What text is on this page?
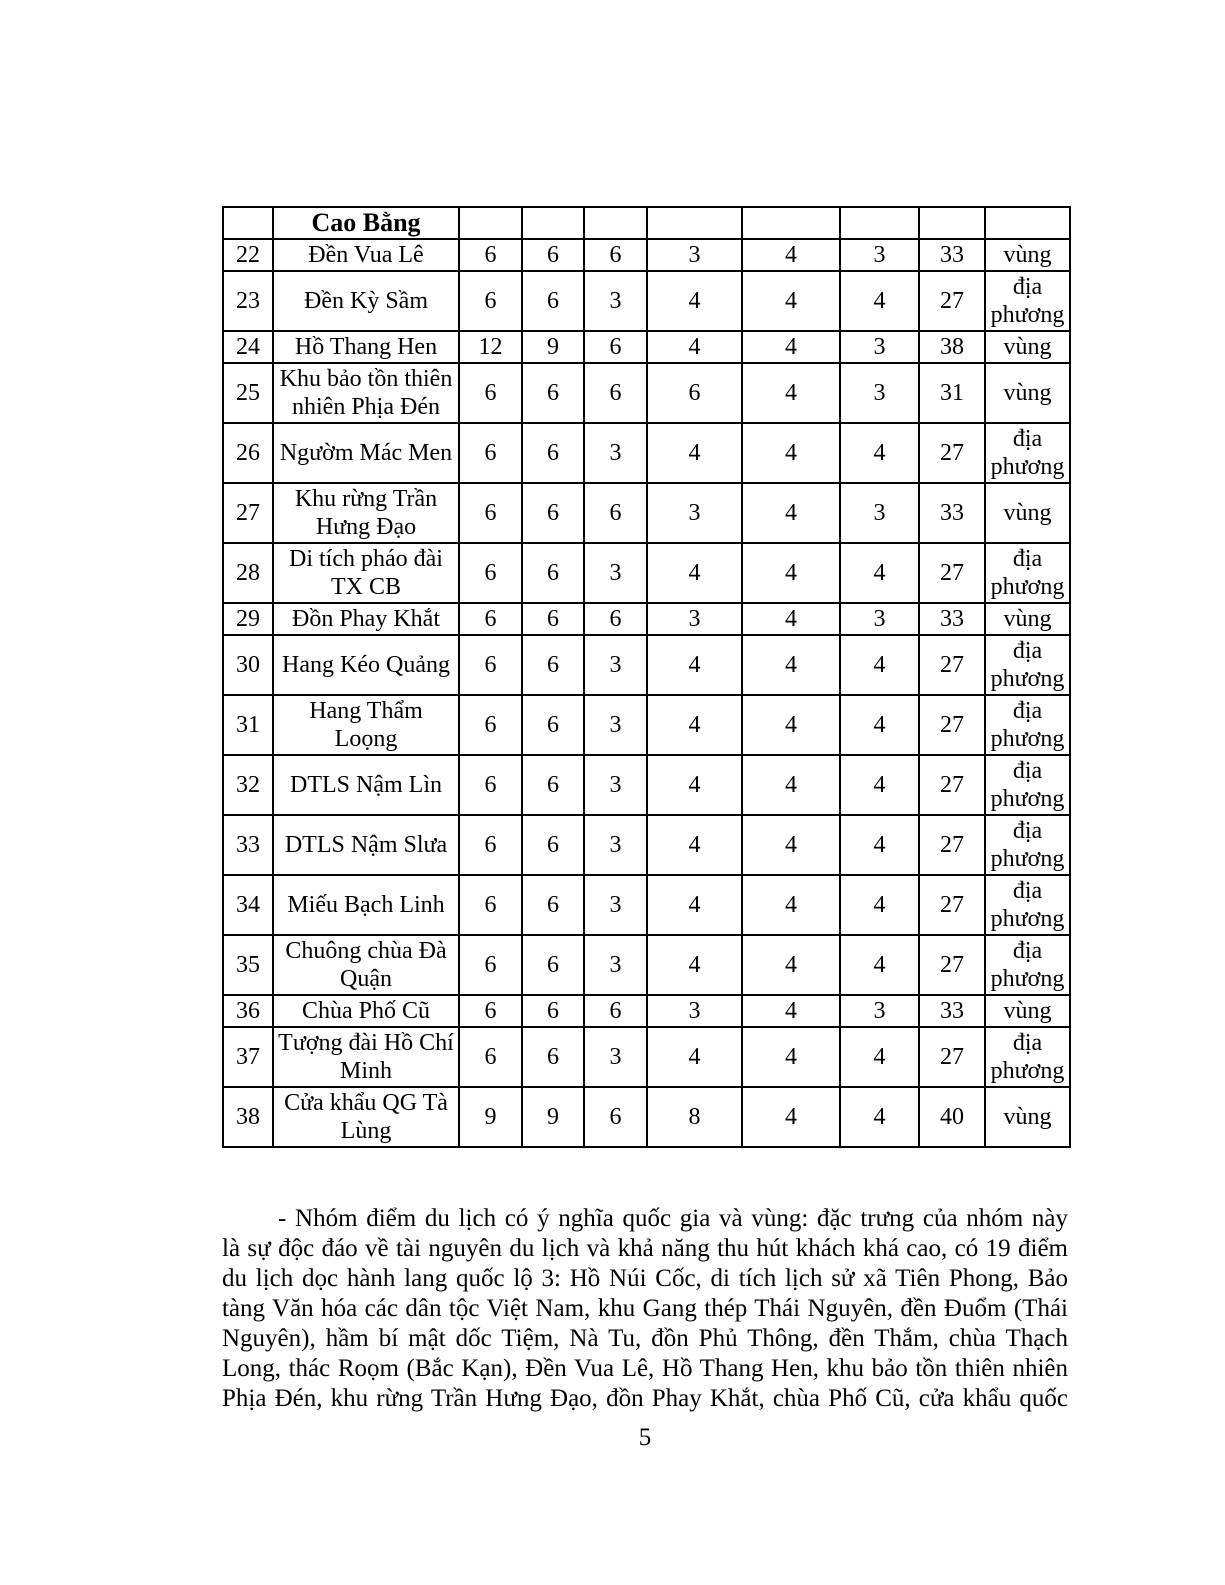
	Cao Bằng								
22	Đền Vua Lê	6	6	6	3	4	3	33	vùng
23	Đền Kỳ Sầm	6	6	3	4	4	4	27	địa phương
24	Hồ Thang Hen	12	9	6	4	4	3	38	vùng
25	Khu bảo tồn thiên nhiên Phịa Đén	6	6	6	6	4	3	31	vùng
26	Ngườm Mác Men	6	6	3	4	4	4	27	địa phương
27	Khu rừng Trần Hưng Đạo	6	6	6	3	4	3	33	vùng
28	Di tích pháo đài TX CB	6	6	3	4	4	4	27	địa phương
29	Đồn Phay Khắt	6	6	6	3	4	3	33	vùng
30	Hang Kéo Quảng	6	6	3	4	4	4	27	địa phương
31	Hang Thẩm Loọng	6	6	3	4	4	4	27	địa phương
32	DTLS Nậm Lìn	6	6	3	4	4	4	27	địa phương
33	DTLS Nậm Slưa	6	6	3	4	4	4	27	địa phương
34	Miếu Bạch Linh	6	6	3	4	4	4	27	địa phương
35	Chuông chùa Đà Quận	6	6	3	4	4	4	27	địa phương
36	Chùa Phố Cũ	6	6	6	3	4	3	33	vùng
37	Tượng đài Hồ Chí Minh	6	6	3	4	4	4	27	địa phương
38	Cửa khẩu QG Tà Lùng	9	9	6	8	4	4	40	vùng
- Nhóm điểm du lịch có ý nghĩa quốc gia và vùng: đặc trưng của nhóm này
là sự độc đáo về tài nguyên du lịch và khả năng thu hút khách khá cao, có 19 điểm
du lịch dọc hành lang quốc lộ 3: Hồ Núi Cốc, di tích lịch sử xã Tiên Phong, Bảo
tàng Văn hóa các dân tộc Việt Nam, khu Gang thép Thái Nguyên, đền Đuổm (Thái
Nguyên), hầm bí mật dốc Tiệm, Nà Tu, đồn Phủ Thông, đền Thắm, chùa Thạch
Long, thác Roọm (Bắc Kạn), Đền Vua Lê, Hồ Thang Hen, khu bảo tồn thiên nhiên
Phịa Đén, khu rừng Trần Hưng Đạo, đồn Phay Khắt, chùa Phố Cũ, cửa khẩu quốc
5
